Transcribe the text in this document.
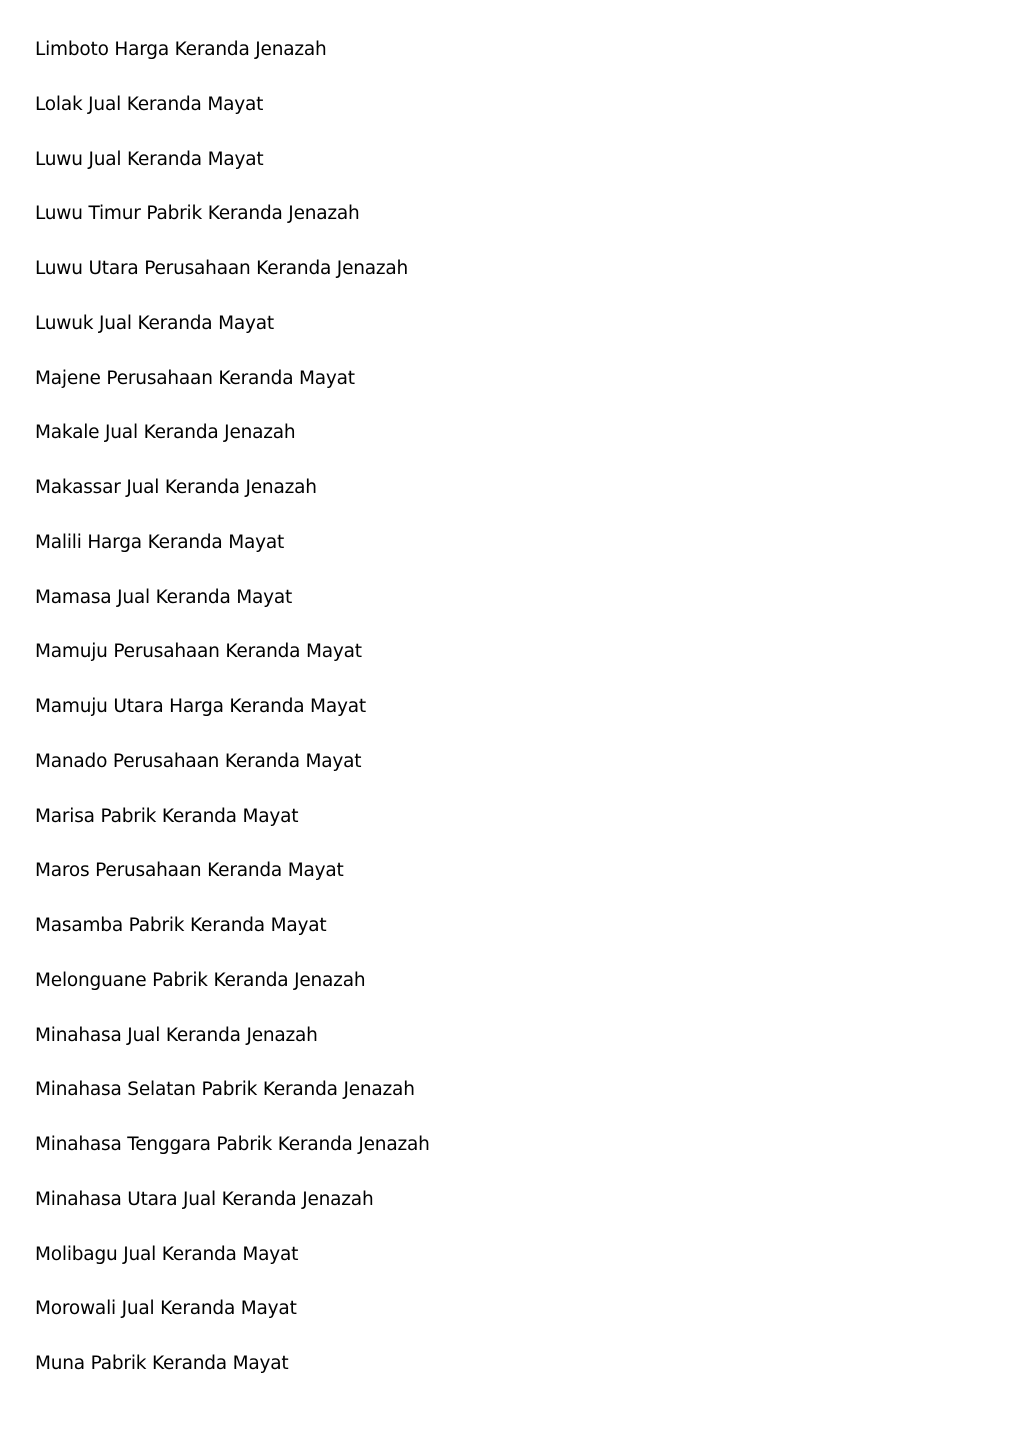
Limboto Harga Keranda Jenazah
Lolak Jual Keranda Mayat
Luwu Jual Keranda Mayat
Luwu Timur Pabrik Keranda Jenazah
Luwu Utara Perusahaan Keranda Jenazah
Luwuk Jual Keranda Mayat
Majene Perusahaan Keranda Mayat
Makale Jual Keranda Jenazah
Makassar Jual Keranda Jenazah
Malili Harga Keranda Mayat
Mamasa Jual Keranda Mayat
Mamuju Perusahaan Keranda Mayat
Mamuju Utara Harga Keranda Mayat
Manado Perusahaan Keranda Mayat
Marisa Pabrik Keranda Mayat
Maros Perusahaan Keranda Mayat
Masamba Pabrik Keranda Mayat
Melonguane Pabrik Keranda Jenazah
Minahasa Jual Keranda Jenazah
Minahasa Selatan Pabrik Keranda Jenazah
Minahasa Tenggara Pabrik Keranda Jenazah
Minahasa Utara Jual Keranda Jenazah
Molibagu Jual Keranda Mayat
Morowali Jual Keranda Mayat
Muna Pabrik Keranda Mayat
